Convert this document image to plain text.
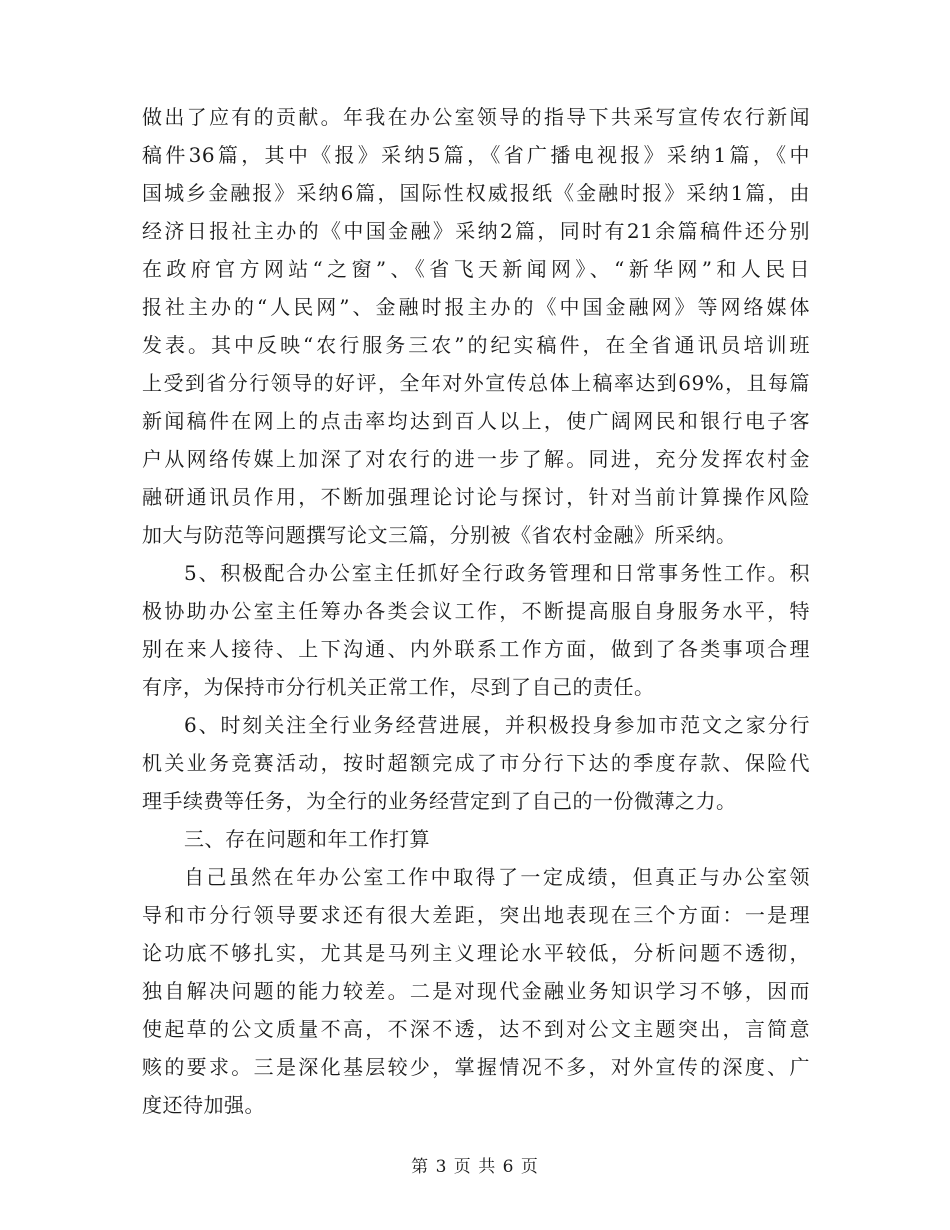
做出了应有的贡献。年我在办公室领导的指导下共采写宣传农行新闻
稿件36篇，其中《报》采纳5篇，《省广播电视报》采纳1篇，《中
国城乡金融报》采纳6篇，国际性权威报纸《金融时报》采纳1篇，由
经济日报社主办的《中国金融》采纳2篇，同时有21余篇稿件还分别
在政府官方网站“之窗”、《省飞天新闻网》、“新华网”和人民日
报社主办的“人民网”、金融时报主办的《中国金融网》等网络媒体
发表。其中反映“农行服务三农”的纪实稿件，在全省通讯员培训班
上受到省分行领导的好评，全年对外宣传总体上稿率达到69%，且每篇
新闻稿件在网上的点击率均达到百人以上，使广阔网民和银行电子客
户从网络传媒上加深了对农行的进一步了解。同进，充分发挥农村金
融研通讯员作用，不断加强理论讨论与探讨，针对当前计算操作风险
加大与防范等问题撰写论文三篇，分别被《省农村金融》所采纳。
5、积极配合办公室主任抓好全行政务管理和日常事务性工作。积
极协助办公室主任筹办各类会议工作，不断提高服自身服务水平，特
别在来人接待、上下沟通、内外联系工作方面，做到了各类事项合理
有序，为保持市分行机关正常工作，尽到了自己的责任。
6、时刻关注全行业务经营进展，并积极投身参加市范文之家分行
机关业务竞赛活动，按时超额完成了市分行下达的季度存款、保险代
理手续费等任务，为全行的业务经营定到了自己的一份微薄之力。
三、存在问题和年工作打算
自己虽然在年办公室工作中取得了一定成绩，但真正与办公室领
导和市分行领导要求还有很大差距，突出地表现在三个方面：一是理
论功底不够扎实，尤其是马列主义理论水平较低，分析问题不透彻，
独自解决问题的能力较差。二是对现代金融业务知识学习不够，因而
使起草的公文质量不高，不深不透，达不到对公文主题突出，言简意
赅的要求。三是深化基层较少，掌握情况不多，对外宣传的深度、广
度还待加强。
第 3 页 共 6 页
